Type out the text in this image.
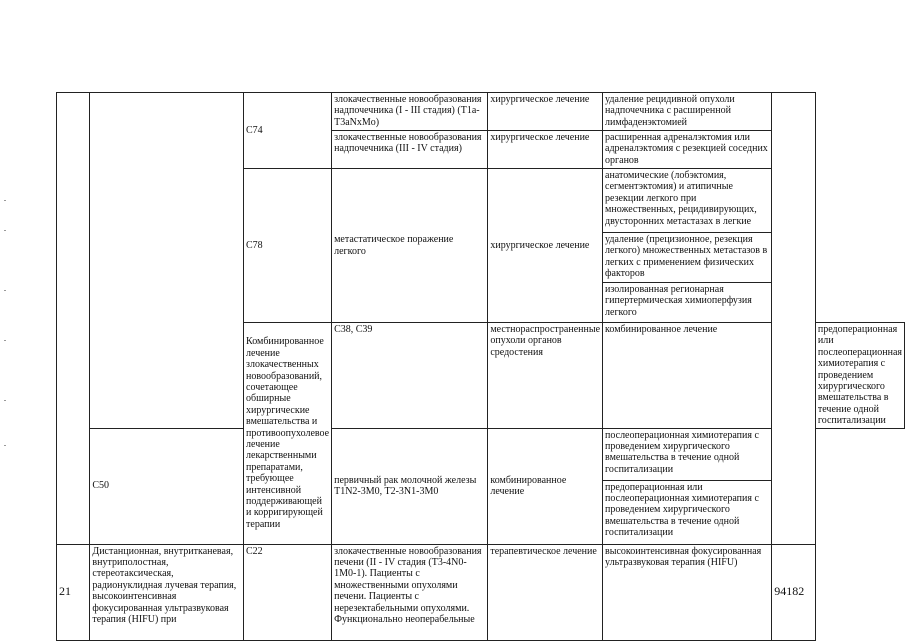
		C74	злокачественные новообразования надпочечника (I - III стадия) (T1a-T3aNxMo)	хирургическое лечение	удаление рецидивной опухоли надпочечника с расширенной лимфаденэктомией		
			злокачественные новообразования надпочечника (III - IV стадия)	хирургическое лечение	расширенная адреналэктомия или адреналэктомия с резекцией соседних органов		
		C78	метастатическое поражение легкого	хирургическое лечение	анатомические (лобэктомия, сегментэктомия) и атипичные резекции легкого при множественных, рецидивирующих, двусторонних метастазах в легкие		
					удаление (прецизионное, резекция легкого) множественных метастазов в легких с применением физических факторов		
					изолированная регионарная гипертермическая химиоперфузия легкого		
		Комбинированное лечение злокачественных новообразований, сочетающее обширные хирургические вмешательства и противоопухолевое лечение лекарственными препаратами, требующее интенсивной поддерживающей и корригирующей терапии	C38, C39	местнораспространенные опухоли органов средостения	комбинированное лечение		предоперационная или послеоперационная химиотерапия с проведением хирургического вмешательства в течение одной госпитализации
	C50		первичный рак молочной железы T1N2-3M0, T2-3N1-3M0	комбинированное лечение	послеоперационная химиотерапия с проведением хирургического вмешательства в течение одной госпитализации		
					предоперационная или послеоперационная химиотерапия с проведением хирургического вмешательства в течение одной госпитализации		
21	Дистанционная, внутритканевая, внутриполостная, стереотаксическая, радионуклидная лучевая терапия, высокоинтенсивная фокусированная ультразвуковая терапия (HIFU) при	C22	злокачественные новообразования печени (II - IV стадия (T3-4N0-1M0-1). Пациенты с множественными опухолями печени. Пациенты с нерезектабельными опухолями. Функционально неоперабельные	терапевтическое лечение	высокоинтенсивная фокусированная ультразвуковая терапия (HIFU)	94182	
